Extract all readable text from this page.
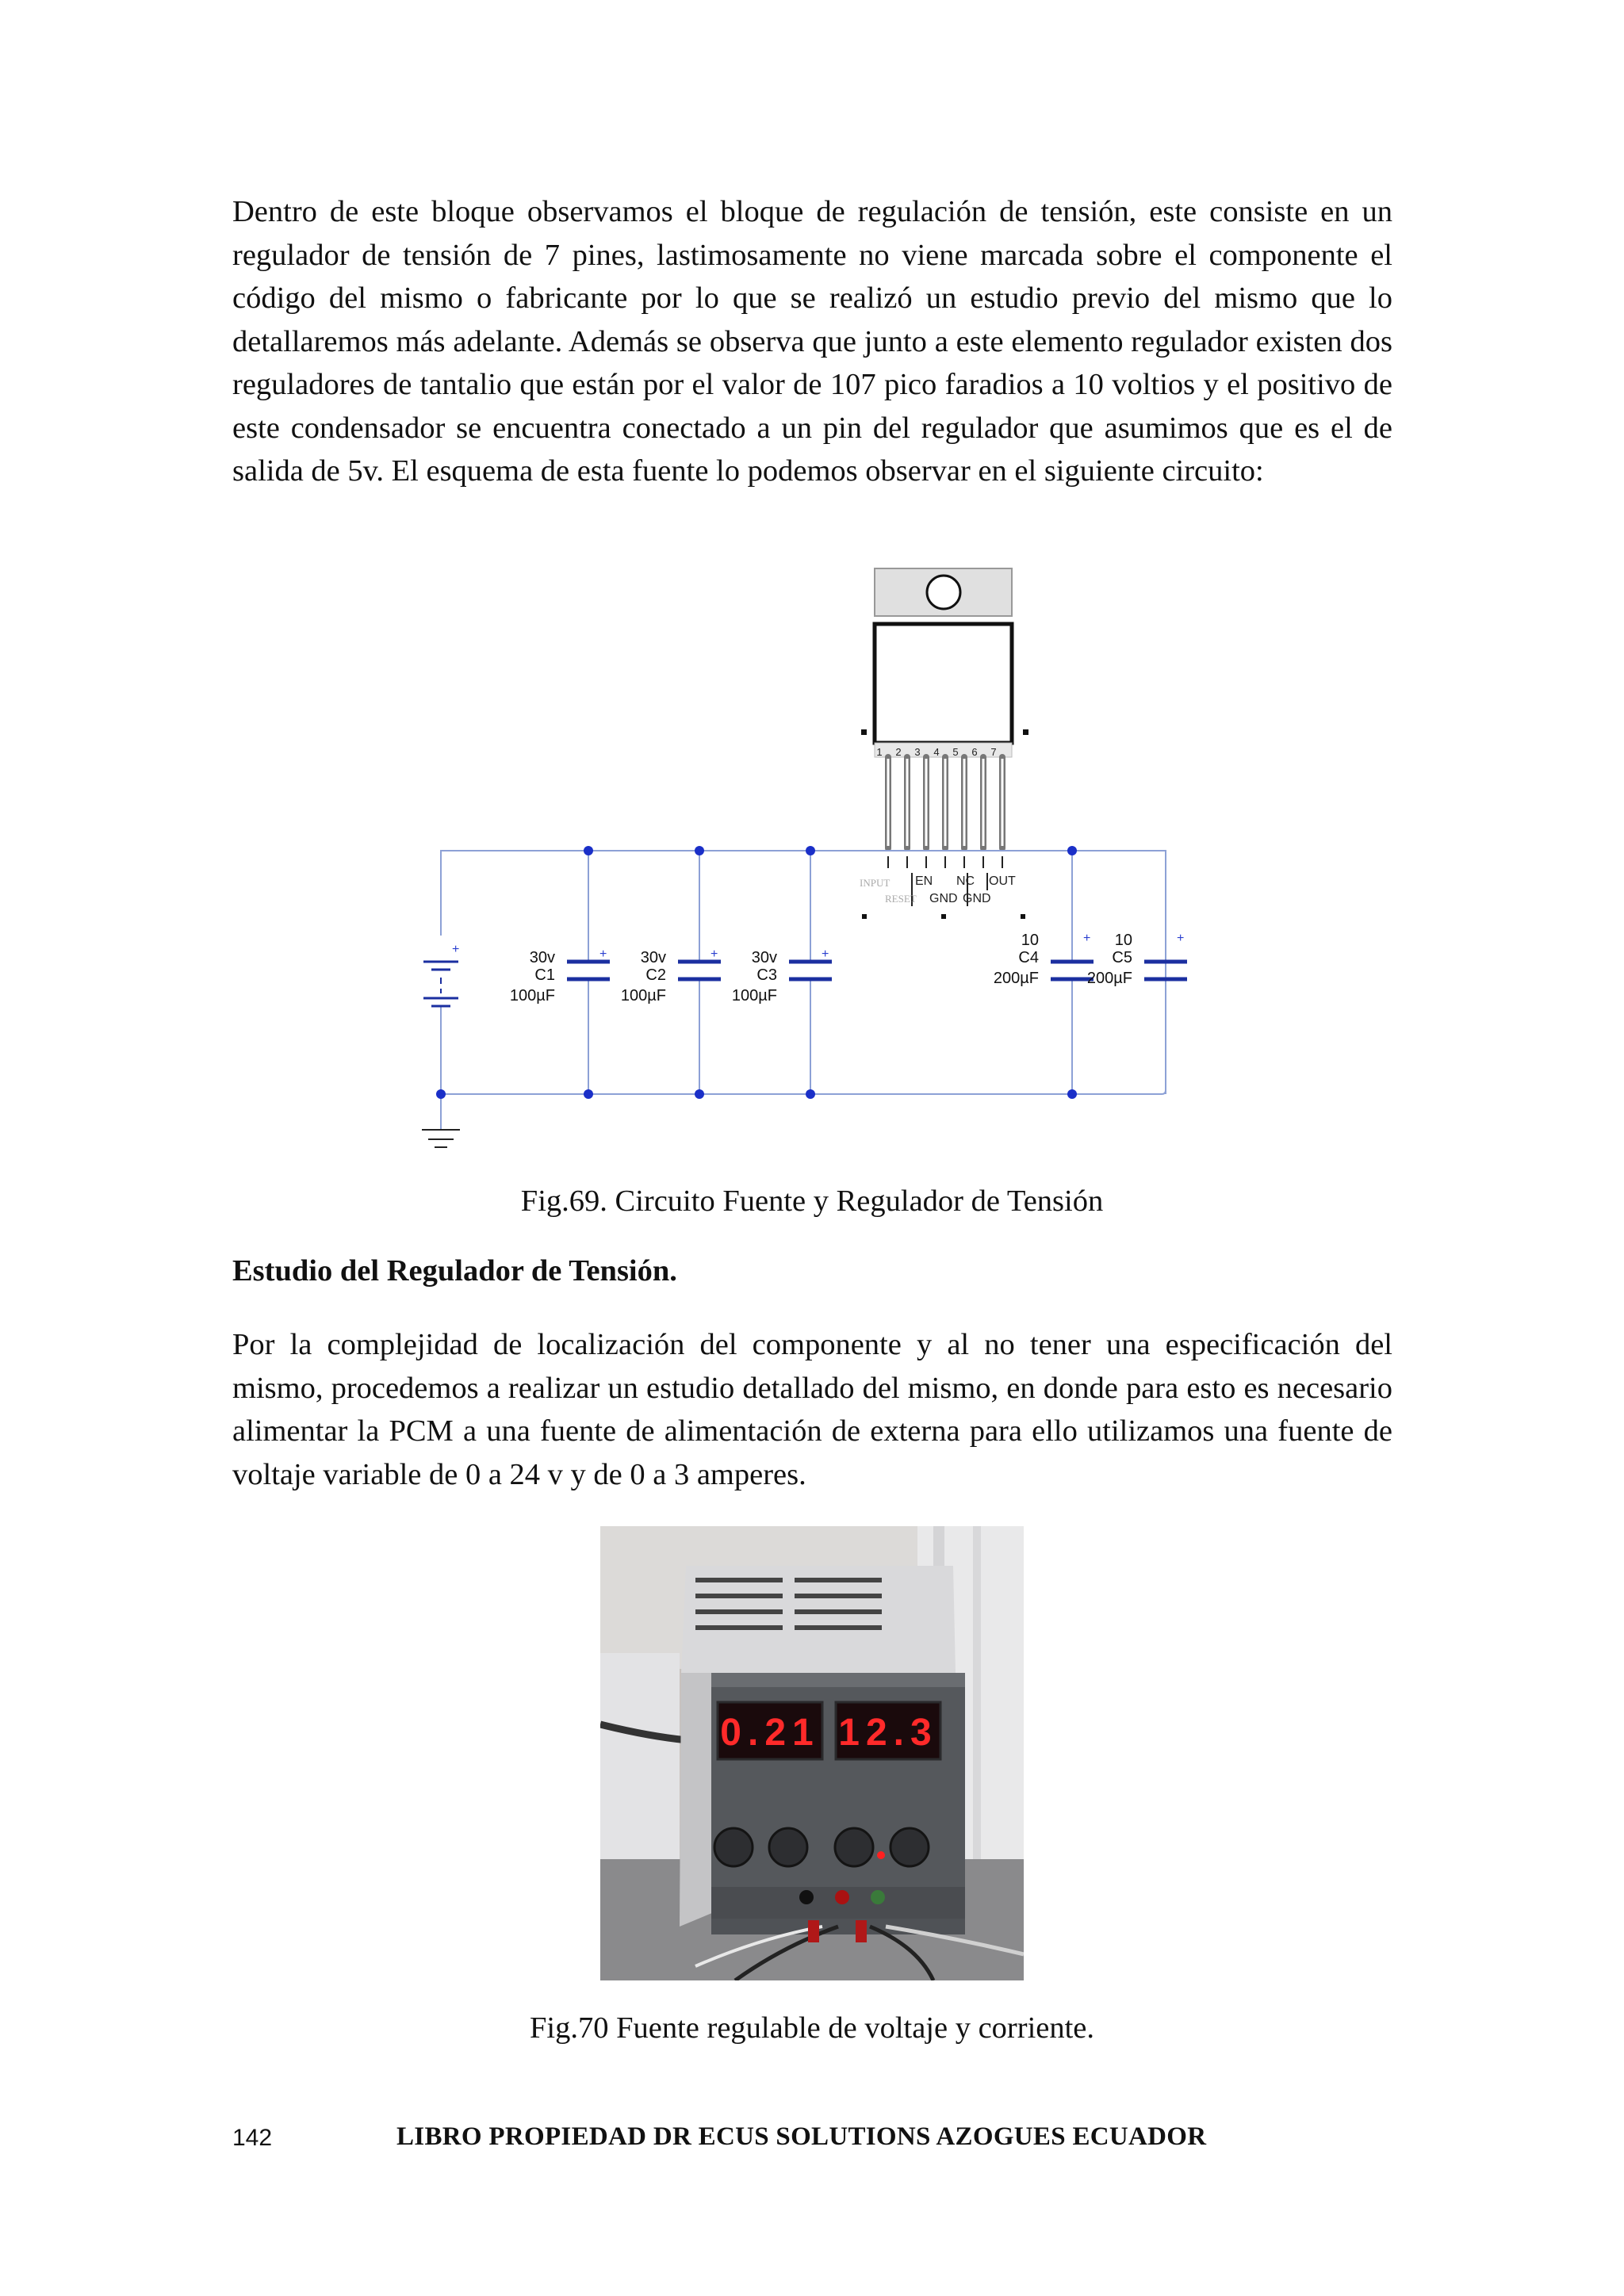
Dentro de este bloque observamos el bloque de regulación de tensión, este consiste en un regulador de tensión de 7 pines, lastimosamente no viene marcada sobre el componente el código del mismo o fabricante por lo que se realizó un estudio previo del mismo que lo detallaremos más adelante. Además se observa que junto a este elemento regulador existen dos reguladores de tantalio que están por el valor de 107 pico faradios a 10 voltios y el positivo de este condensador se encuentra conectado a un pin del regulador que asumimos que es el de salida de 5v. El esquema de esta fuente lo podemos observar en el siguiente circuito:

1 2 3 4 5 6 7
INPUT
RESET
EN
GND
NC
GND
OUT
+	+	+	+
+	+
30v
C1
100µF
30v
C2
100µF
30v
C3
100µF
10
C4
200µF
10
C5
200µF

Fig.69. Circuito Fuente y Regulador de Tensión

Estudio del Regulador de Tensión.

Por la complejidad de localización del componente y al no tener una especificación del mismo, procedemos a realizar un estudio detallado del mismo, en donde para esto es necesario alimentar la PCM a una fuente de alimentación de externa para ello utilizamos una fuente de voltaje variable de 0 a 24 v y de 0 a 3 amperes.

0.21 12.3

Fig.70 Fuente regulable de voltaje y corriente.

142	LIBRO PROPIEDAD DR ECUS SOLUTIONS AZOGUES ECUADOR
